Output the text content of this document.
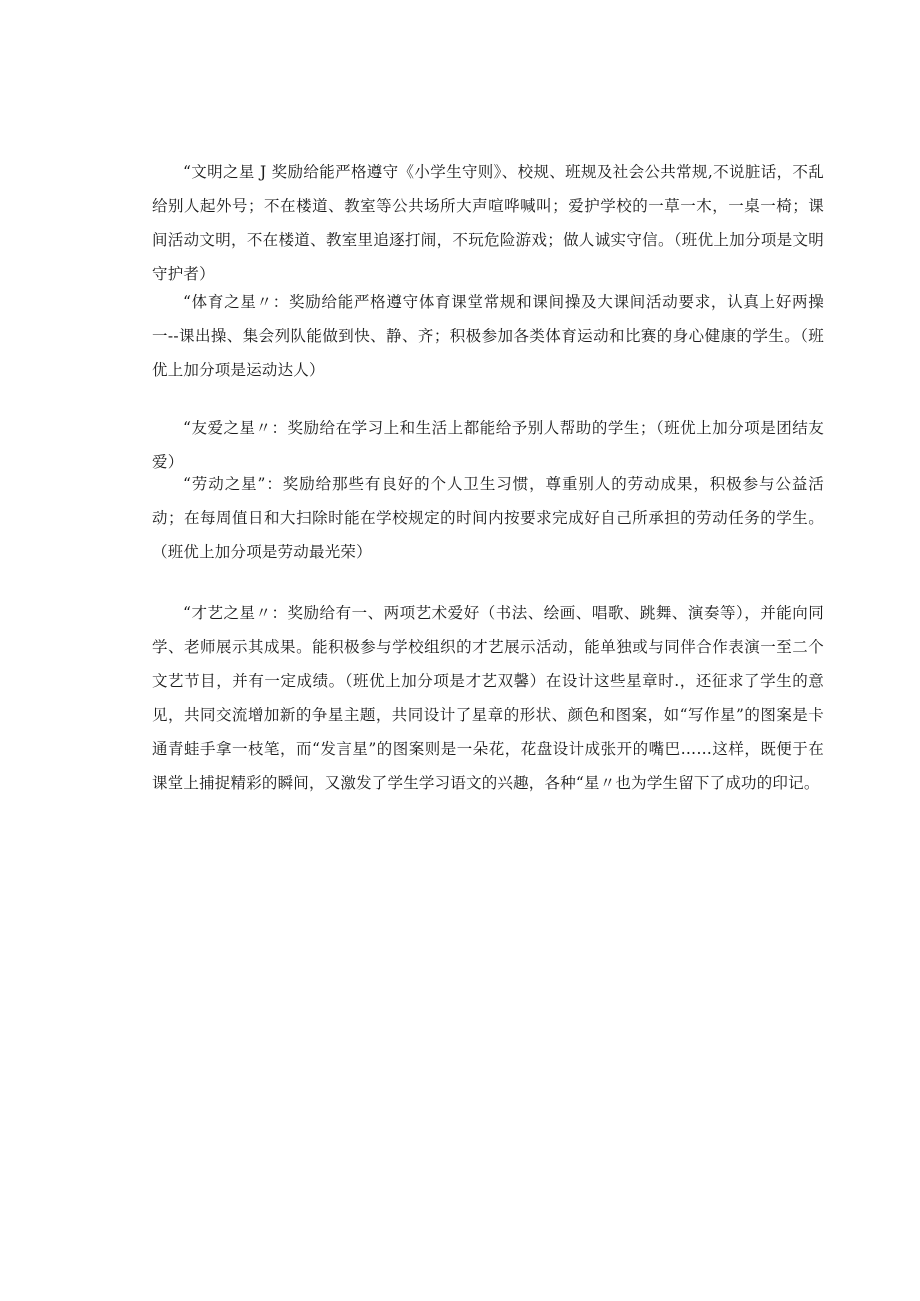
“文明之星 J 奖励给能严格遵守《小学生守则》、校规、班规及社会公共常规,不说脏话，不乱给别人起外号；不在楼道、教室等公共场所大声喧哗喊叫；爱护学校的一草一木，一桌一椅；课间活动文明，不在楼道、教室里追逐打闹，不玩危险游戏；做人诚实守信。（班优上加分项是文明守护者）

“体育之星〃：奖励给能严格遵守体育课堂常规和课间操及大课间活动要求，认真上好两操一--课出操、集会列队能做到快、静、齐；积极参加各类体育运动和比赛的身心健康的学生。（班优上加分项是运动达人）

“友爱之星〃：奖励给在学习上和生活上都能给予别人帮助的学生；（班优上加分项是团结友爱）

“劳动之星”：奖励给那些有良好的个人卫生习惯，尊重别人的劳动成果，积极参与公益活动；在每周值日和大扫除时能在学校规定的时间内按要求完成好自己所承担的劳动任务的学生。（班优上加分项是劳动最光荣）

“才艺之星〃：奖励给有一、两项艺术爱好（书法、绘画、唱歌、跳舞、演奏等），并能向同学、老师展示其成果。能积极参与学校组织的才艺展示活动，能单独或与同伴合作表演一至二个文艺节目，并有一定成绩。（班优上加分项是才艺双馨）在设计这些星章时.，还征求了学生的意见，共同交流增加新的争星主题，共同设计了星章的形状、颜色和图案，如“写作星”的图案是卡通青蛙手拿一枝笔，而“发言星”的图案则是一朵花，花盘设计成张开的嘴巴……这样，既便于在课堂上捕捉精彩的瞬间，又激发了学生学习语文的兴趣，各种“星〃也为学生留下了成功的印记。
